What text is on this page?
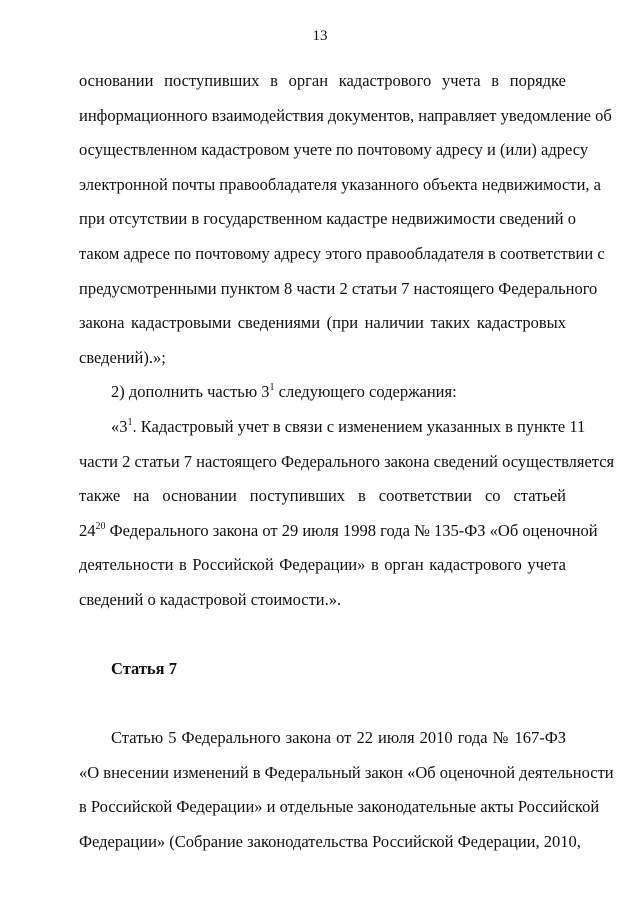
13
основании поступивших в орган кадастрового учета в порядке
информационного взаимодействия документов, направляет уведомление об
осуществленном кадастровом учете по почтовому адресу и (или) адресу
электронной почты правообладателя указанного объекта недвижимости, а
при отсутствии в государственном кадастре недвижимости сведений о
таком адресе по почтовому адресу этого правообладателя в соответствии с
предусмотренными пунктом 8 части 2 статьи 7 настоящего Федерального
закона кадастровыми сведениями (при наличии таких кадастровых
сведений).»;
2) дополнить частью $3^1$ следующего содержания:
«$3^1$. Кадастровый учет в связи с изменением указанных в пункте 11
части 2 статьи 7 настоящего Федерального закона сведений осуществляется
также на основании поступивших в соответствии со статьей
$24^{20}$ Федерального закона от 29 июля 1998 года № 135-ФЗ «Об оценочной
деятельности в Российской Федерации» в орган кадастрового учета
сведений о кадастровой стоимости.».
Статья 7
Статью 5 Федерального закона от 22 июля 2010 года № 167-ФЗ
«О внесении изменений в Федеральный закон «Об оценочной деятельности
в Российской Федерации» и отдельные законодательные акты Российской
Федерации» (Собрание законодательства Российской Федерации, 2010,
